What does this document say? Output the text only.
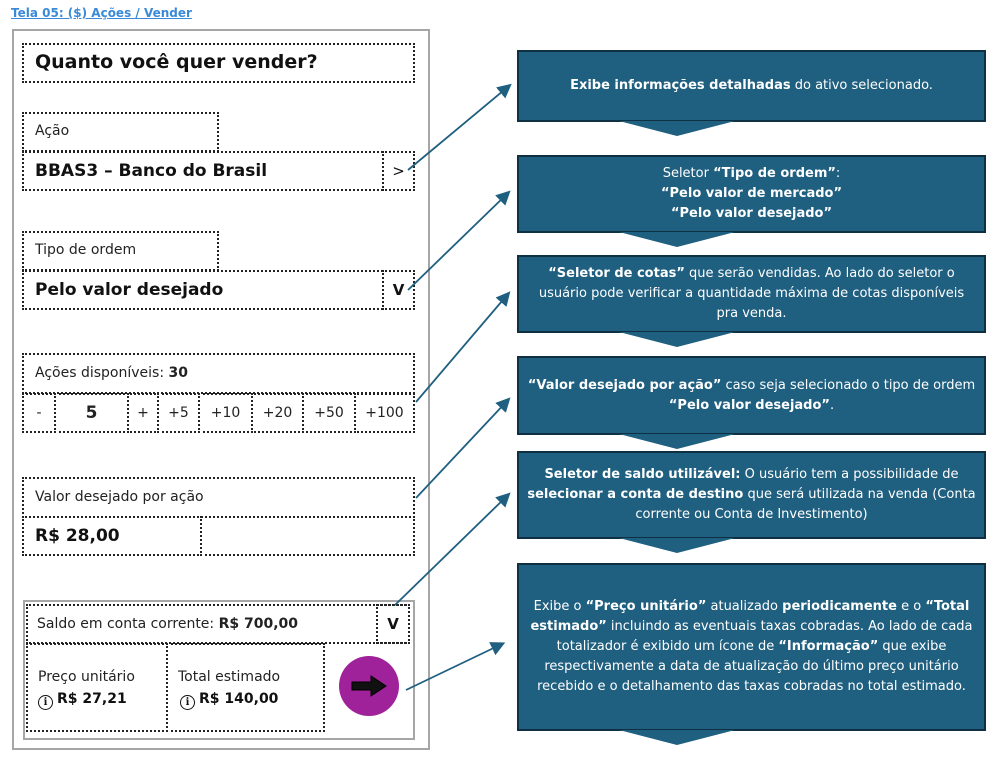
Tela 05: ($) Ações / Vender
Quanto você quer vender?
Ação
BBAS3 – Banco do Brasil	>
Tipo de ordem
Pelo valor desejado	V
Ações disponíveis: 30
-	5	+ +5 +10 +20 +50 +100
Valor desejado por ação
R$ 28,00
Saldo em conta corrente: R$ 700,00	V
Preço unitário
i R$ 27,21
Total estimado
i R$ 140,00
Exibe informações detalhadas do ativo selecionado.
Seletor “Tipo de ordem”:
“Pelo valor de mercado”
“Pelo valor desejado”
“Seletor de cotas” que serão vendidas. Ao lado do seletor o usuário pode verificar a quantidade máxima de cotas disponíveis pra venda.
“Valor desejado por ação” caso seja selecionado o tipo de ordem “Pelo valor desejado”.
Seletor de saldo utilizável: O usuário tem a possibilidade de selecionar a conta de destino que será utilizada na venda (Conta corrente ou Conta de Investimento)
Exibe o “Preço unitário” atualizado periodicamente e o “Total estimado” incluindo as eventuais taxas cobradas. Ao lado de cada totalizador é exibido um ícone de “Informação” que exibe respectivamente a data de atualização do último preço unitário recebido e o detalhamento das taxas cobradas no total estimado.
